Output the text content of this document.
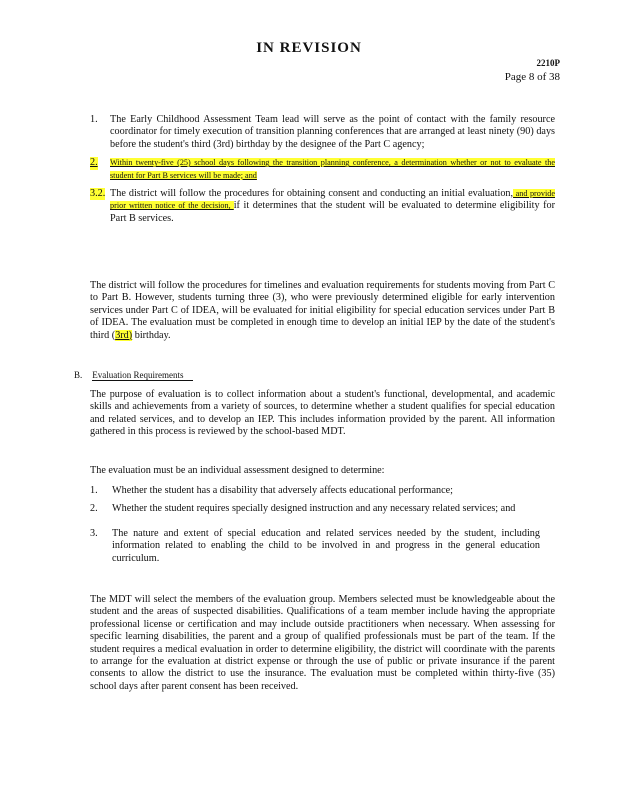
IN REVISION
2210P
Page 8 of 38
1. The Early Childhood Assessment Team lead will serve as the point of contact with the family resource coordinator for timely execution of transition planning conferences that are arranged at least ninety (90) days before the student's third (3rd) birthday by the designee of the Part C agency;
2. Within twenty-five (25) school days following the transition planning conference, a determination whether or not to evaluate the student for Part B services will be made; and
3.2. The district will follow the procedures for obtaining consent and conducting an initial evaluation, and provide prior written notice of the decision, if it determines that the student will be evaluated to determine eligibility for Part B services.
The district will follow the procedures for timelines and evaluation requirements for students moving from Part C to Part B. However, students turning three (3), who were previously determined eligible for early intervention services under Part C of IDEA, will be evaluated for initial eligibility for special education services under Part B of IDEA. The evaluation must be completed in enough time to develop an initial IEP by the date of the student's third (3rd) birthday.
B. Evaluation Requirements
The purpose of evaluation is to collect information about a student's functional, developmental, and academic skills and achievements from a variety of sources, to determine whether a student qualifies for special education and related services, and to develop an IEP. This includes information provided by the parent. All information gathered in this process is reviewed by the school-based MDT.
The evaluation must be an individual assessment designed to determine:
1. Whether the student has a disability that adversely affects educational performance;
2. Whether the student requires specially designed instruction and any necessary related services; and
3. The nature and extent of special education and related services needed by the student, including information related to enabling the child to be involved in and progress in the general education curriculum.
The MDT will select the members of the evaluation group. Members selected must be knowledgeable about the student and the areas of suspected disabilities. Qualifications of a team member include having the appropriate professional license or certification and may include outside practitioners when necessary. When assessing for specific learning disabilities, the parent and a group of qualified professionals must be part of the team. If the student requires a medical evaluation in order to determine eligibility, the district will coordinate with the parents to arrange for the evaluation at district expense or through the use of public or private insurance if the parent consents to allow the district to use the insurance. The evaluation must be completed within thirty-five (35) school days after parent consent has been received.
